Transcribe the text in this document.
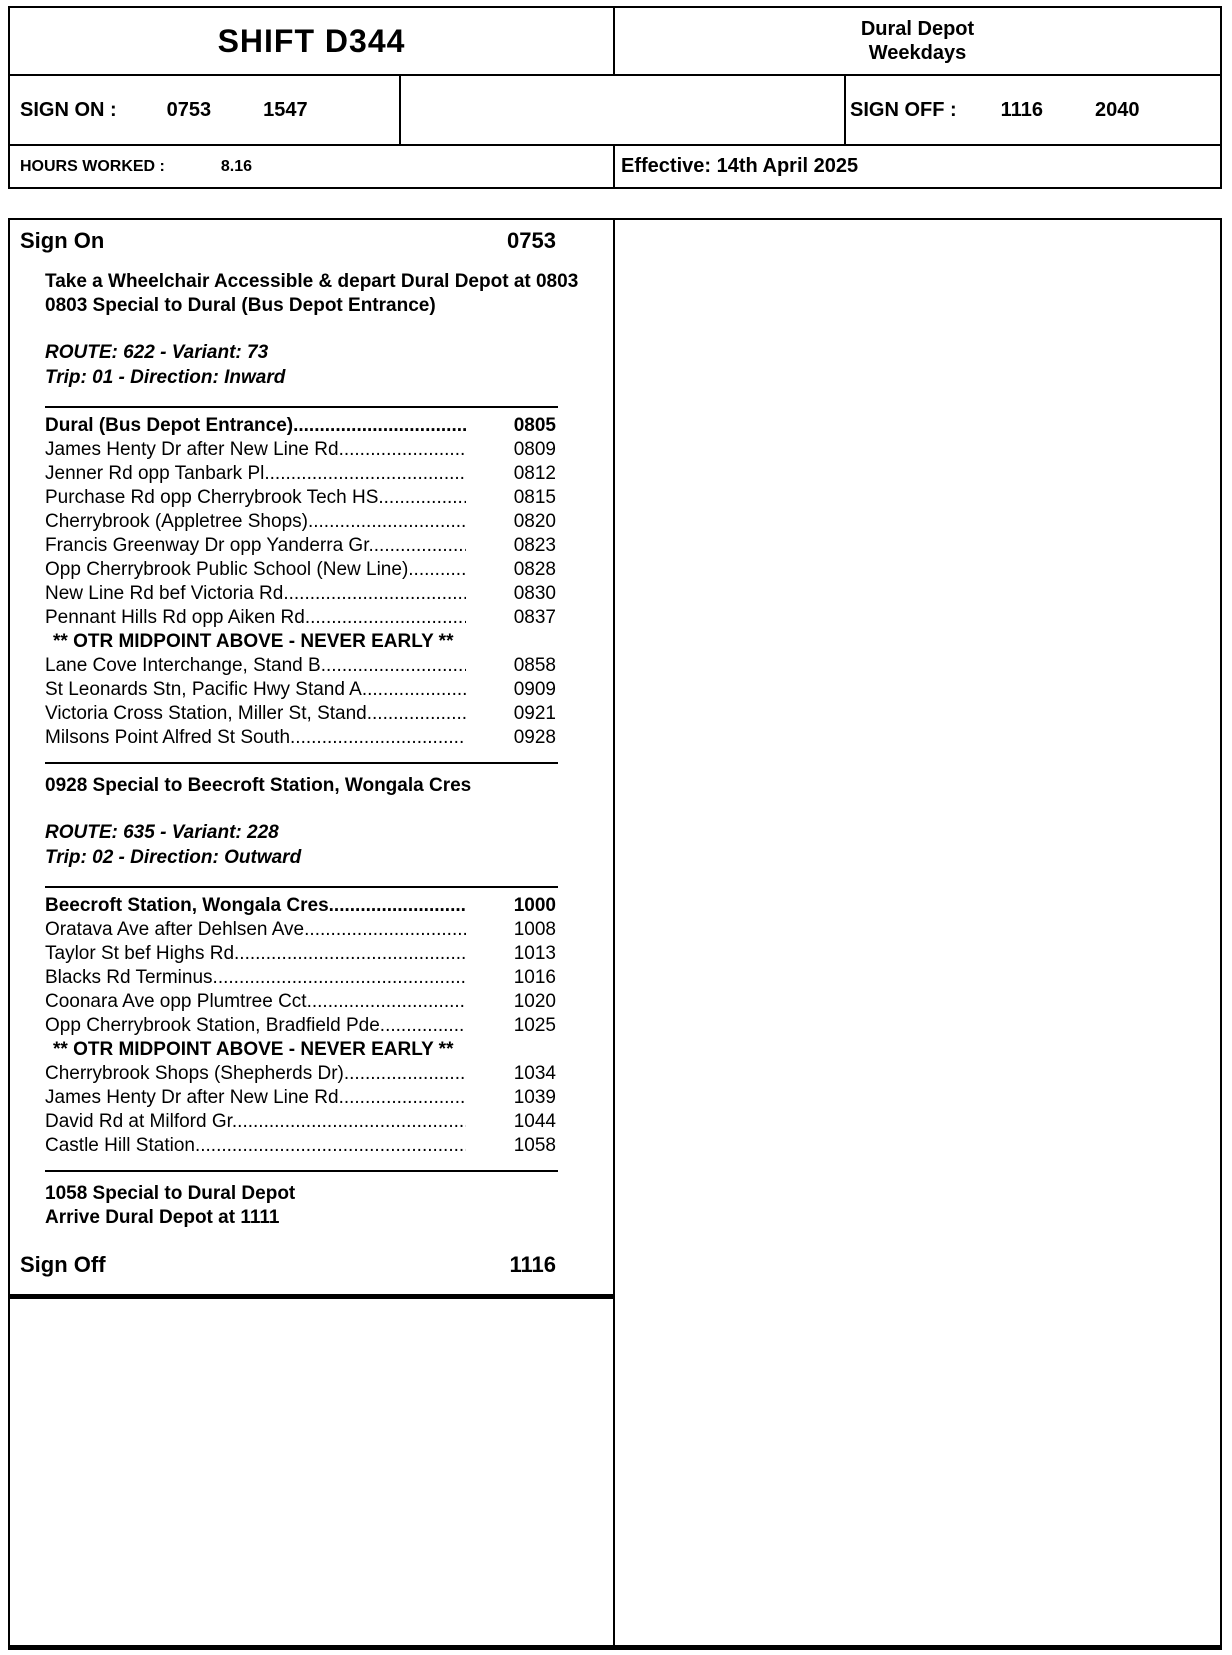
SHIFT D344	Dural Depot
Weekdays
SIGN ON :	0753	1547	SIGN OFF : 1116	2040
HOURS WORKED :	8.16	Effective: 14th April 2025
Sign On	0753
Take a Wheelchair Accessible & depart Dural Depot at 0803
0803 Special to Dural (Bus Depot Entrance)
ROUTE: 622 - Variant: 73
Trip: 01 - Direction: Inward
Dural (Bus Depot Entrance) .....	0805
James Henty Dr after New Line Rd .....	0809
Jenner Rd opp Tanbark Pl .....	0812
Purchase Rd opp Cherrybrook Tech HS .....	0815
Cherrybrook (Appletree Shops) .....	0820
Francis Greenway Dr opp Yanderra Gr .....	0823
Opp Cherrybrook Public School (New Line) .....	0828
New Line Rd bef Victoria Rd .....	0830
Pennant Hills Rd opp Aiken Rd .....	0837
** OTR MIDPOINT ABOVE - NEVER EARLY **
Lane Cove Interchange, Stand B .....	0858
St Leonards Stn, Pacific Hwy Stand A .....	0909
Victoria Cross Station, Miller St, Stand .....	0921
Milsons Point Alfred St South .....	0928
0928 Special to Beecroft Station, Wongala Cres
ROUTE: 635 - Variant: 228
Trip: 02 - Direction: Outward
Beecroft Station, Wongala Cres .....	1000
Oratava Ave after Dehlsen Ave .....	1008
Taylor St bef Highs Rd .....	1013
Blacks Rd Terminus .....	1016
Coonara Ave opp Plumtree Cct .....	1020
Opp Cherrybrook Station, Bradfield Pde .....	1025
** OTR MIDPOINT ABOVE - NEVER EARLY **
Cherrybrook Shops (Shepherds Dr) .....	1034
James Henty Dr after New Line Rd .....	1039
David Rd at Milford Gr .....	1044
Castle Hill Station .....	1058
1058 Special to Dural Depot
Arrive Dural Depot at 1111
Sign Off	1116
